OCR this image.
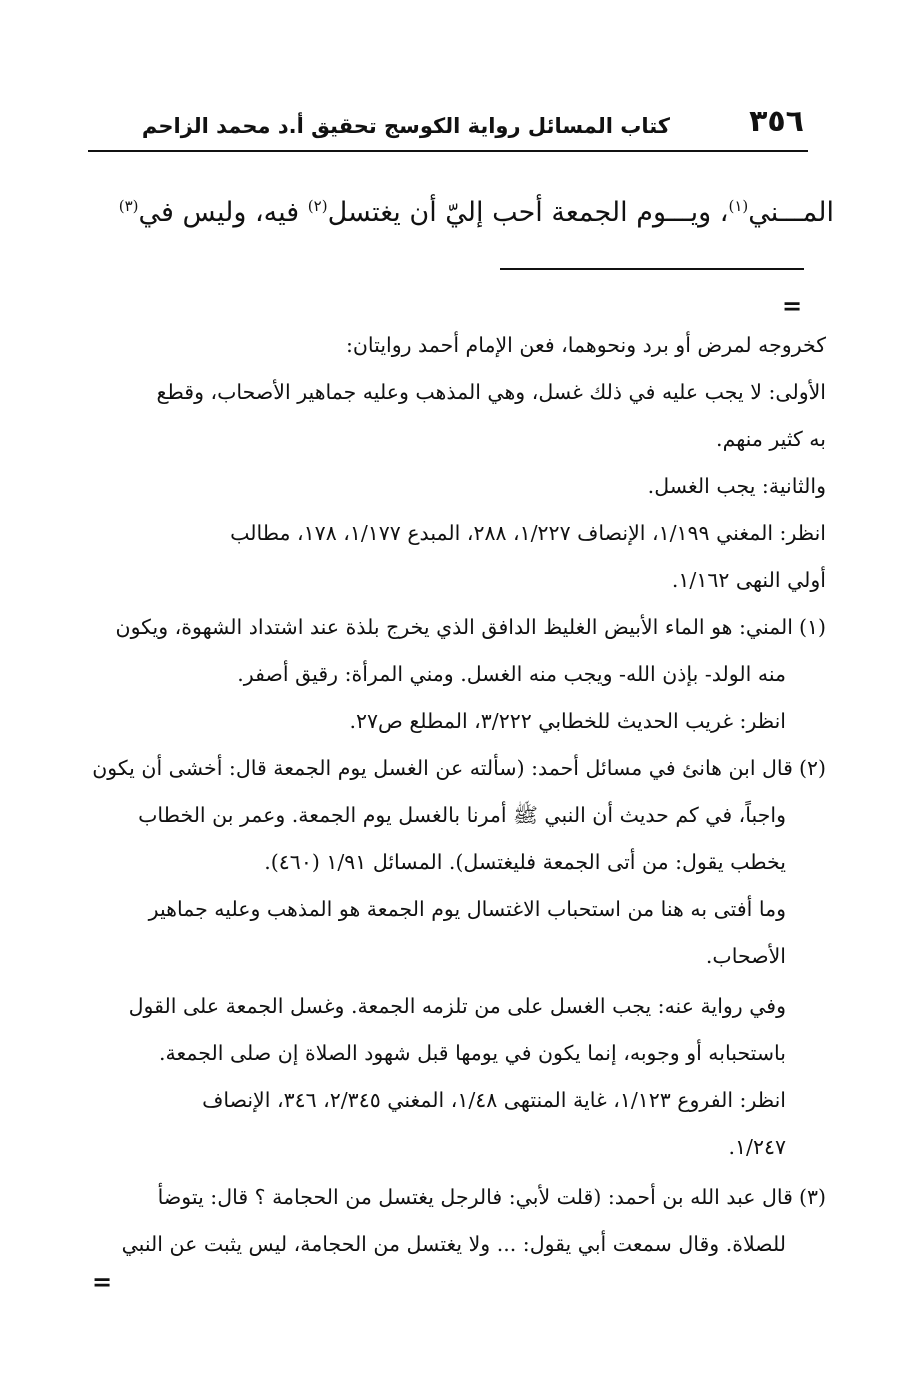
٣٥٦
كتاب المسائل رواية الكوسج تحقيق أ.د محمد الزاحم
المـــني$^{(١)}$، ويـــوم الجمعة أحب إليّ أن يغتسل$^{(٢)}$ فيه، وليس في$^{(٣)}$
=
كخروجه لمرض أو برد ونحوهما، فعن الإمام أحمد روايتان:
الأولى: لا يجب عليه في ذلك غسل، وهي المذهب وعليه جماهير الأصحاب، وقطع
به كثير منهم.
والثانية: يجب الغسل.
انظر: المغني ١/١٩٩، الإنصاف ١/٢٢٧، ٢٨٨، المبدع ١/١٧٧، ١٧٨، مطالب
أولي النهى ١/١٦٢.
(١)المني: هو الماء الأبيض الغليظ الدافق الذي يخرج بلذة عند اشتداد الشهوة، ويكون
منه الولد- بإذن الله- ويجب منه الغسل. ومني المرأة: رقيق أصفر.
انظر: غريب الحديث للخطابي ٣/٢٢٢، المطلع ص٢٧.
(٢)قال ابن هانئ في مسائل أحمد: (سألته عن الغسل يوم الجمعة قال: أخشى أن يكون
واجباً، في كم حديث أن النبي ﷺ أمرنا بالغسل يوم الجمعة. وعمر بن الخطاب
يخطب يقول: من أتى الجمعة فليغتسل). المسائل ١/٩١ (٤٦٠).
وما أفتى به هنا من استحباب الاغتسال يوم الجمعة هو المذهب وعليه جماهير
الأصحاب.
وفي رواية عنه: يجب الغسل على من تلزمه الجمعة. وغسل الجمعة على القول
باستحبابه أو وجوبه، إنما يكون في يومها قبل شهود الصلاة إن صلى الجمعة.
انظر: الفروع ١/١٢٣، غاية المنتهى ١/٤٨، المغني ٢/٣٤٥، ٣٤٦، الإنصاف
١/٢٤٧.
(٣)قال عبد الله بن أحمد: (قلت لأبي: فالرجل يغتسل من الحجامة ؟ قال: يتوضأ
للصلاة. وقال سمعت أبي يقول: ... ولا يغتسل من الحجامة، ليس يثبت عن النبي
=
